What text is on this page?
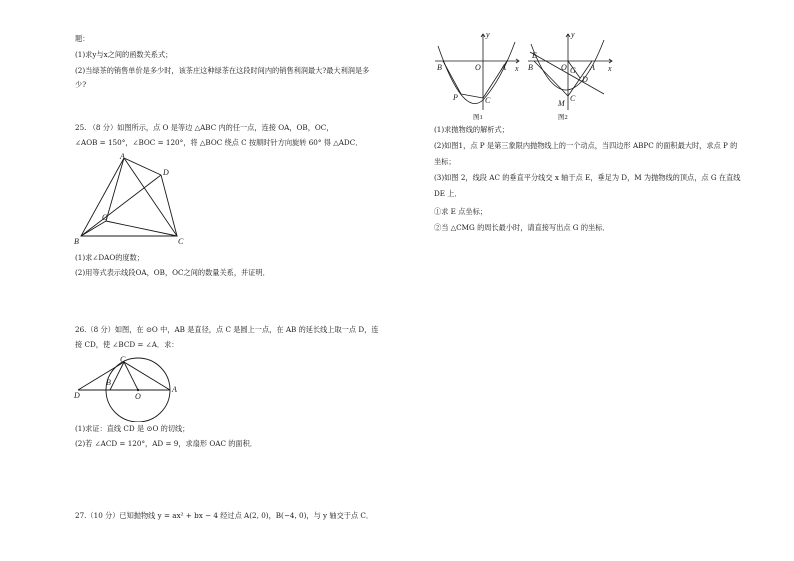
题：
(1)求y与x之间的函数关系式；
(2)当绿茶的销售单价是多少时，该茶庄这种绿茶在这段时间内的销售利润最大?最大利润是多
少?
25. （8 分）如图所示，点 O 是等边 △ABC 内的任一点，连接 OA，OB，OC，
∠AOB = 150°，∠BOC = 120°，将 △BOC 绕点 C 按顺时针方向旋转 60° 得 △ADC．
A
D
O
B	C
(1)求∠DAO的度数；
(2)用等式表示线段OA，OB，OC之间的数量关系，并证明．
26.（8 分）如图，在 ⊙O 中，AB 是直径，点 C 是圆上一点，在 AB 的延长线上取一点 D，连
接 CD，使 ∠BCD = ∠A．求：
C
D
B
O
A
(1)求证：直线 CD 是 ⊙O 的切线；
(2)若 ∠ACD = 120°，AD = 9，求扇形 OAC 的面积．
27.（10 分）已知抛物线 y = ax² + bx − 4 经过点 A(2, 0)，B(−4, 0)，与 y 轴交于点 C．
y
x
B	O	A
P	C
图1
y
x
E
B	O G A
D
M
C
图2
(1)求抛物线的解析式；
(2)如图1，点 P 是第三象限内抛物线上的一个动点，当四边形 ABPC 的面积最大时，求点 P 的
坐标；
(3)如图 2，线段 AC 的垂直平分线交 x 轴于点 E，垂足为 D，M 为抛物线的顶点，点 G 在直线
DE 上．
①求 E 点坐标；
②当 △CMG 的周长最小时，请直接写出点 G 的坐标．
